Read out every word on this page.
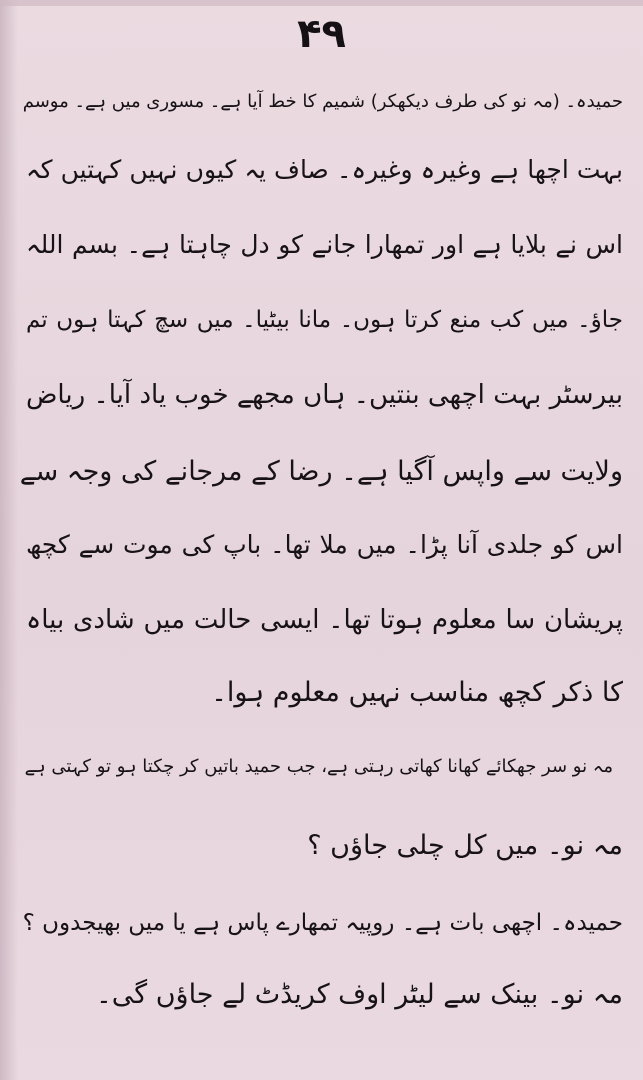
۴۹
حمیدہ۔ (مہ نو کی طرف دیکھکر) شمیم کا خط آیا ہے۔ مسوری میں ہے۔ موسم
بہت اچھا ہے وغیرہ وغیرہ۔ صاف یہ کیوں نہیں کہتیں کہ
اس نے بلایا ہے اور تمھارا جانے کو دل چاہتا ہے۔ بسم اللہ
جاؤ۔ میں کب منع کرتا ہوں۔ مانا بیٹیا۔ میں سچ کہتا ہوں تم
بیرسٹر بہت اچھی بنتیں۔ ہاں مجھے خوب یاد آیا۔ ریاض
ولایت سے واپس آگیا ہے۔ رضا کے مرجانے کی وجہ سے
اس کو جلدی آنا پڑا۔ میں ملا تھا۔ باپ کی موت سے کچھ
پریشان سا معلوم ہوتا تھا۔ ایسی حالت میں شادی بیاہ
کا ذکر کچھ مناسب نہیں معلوم ہوا۔
مہ نو سر جھکائے کھانا کھاتی رہتی ہے، جب حمید باتیں کر چکتا ہو تو کہتی ہے
مہ نو۔ میں کل چلی جاؤں ؟
حمیدہ۔ اچھی بات ہے۔ روپیہ تمھارے پاس ہے یا میں بھیجدوں ؟
مہ نو۔ بینک سے لیٹر اوف کریڈٹ لے جاؤں گی۔
